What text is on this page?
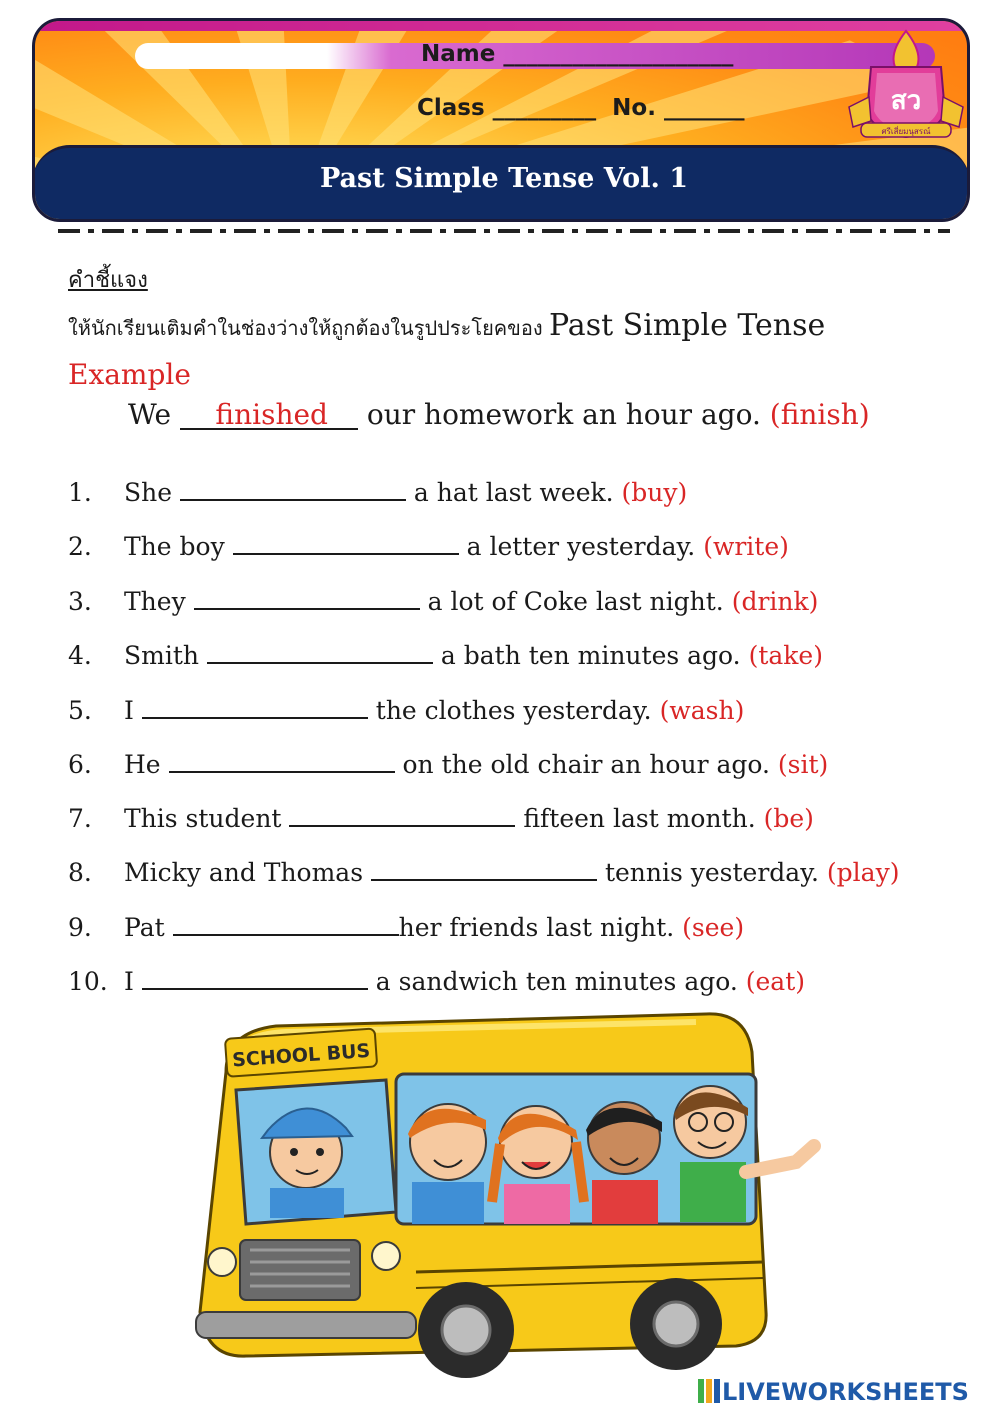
Name ____________________
Class _________  No. _______	สว
ศรีเสี่ยมนุสรณ์
Past Simple Tense Vol. 1
คำชี้แจง
ให้นักเรียนเติมคำในช่องว่างให้ถูกต้องในรูปประโยคของ Past Simple Tense
Example
We finished our homework an hour ago. (finish)
1. She	a hat last week. (buy)
2. The boy	a letter yesterday. (write)
3. They	a lot of Coke last night. (drink)
4. Smith	a bath ten minutes ago. (take)
5. I	the clothes yesterday. (wash)
6. He	on the old chair an hour ago. (sit)
7. This student	fifteen last month. (be)
8. Micky and Thomas	tennis yesterday. (play)
9. Pat	her friends last night. (see)
10. I	a sandwich ten minutes ago. (eat)
SCHOOL BUS
LIVEWORKSHEETS
